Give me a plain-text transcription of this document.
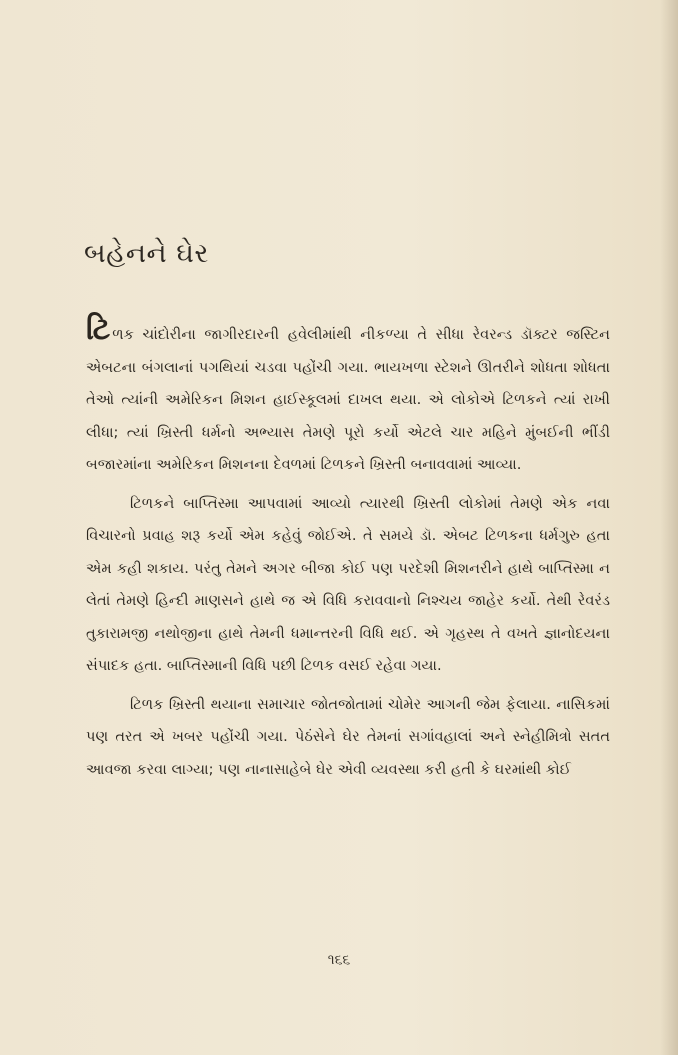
બહેનને ઘેર

ટિળક ચાંદોરીના જાગીરદારની હવેલીમાંથી નીકળ્યા તે સીધા રેવરન્ડ ડૉક્ટર જસ્ટિન એબટના બંગલાનાં પગથિયાં ચડવા પહોંચી ગયા. ભાયખળા સ્ટેશને ઊતરીને શોધતા શોધતા તેઓ ત્યાંની અમેરિકન મિશન હાઈસ્કૂલમાં દાખલ થયા. એ લોકોએ ટિળકને ત્યાં રાખી લીધા; ત્યાં ખ્રિસ્તી ધર્મનો અભ્યાસ તેમણે પૂરો કર્યો એટલે ચાર મહિને મુંબઈની ભીંડી બજારમાંના અમેરિકન મિશનના દેવળમાં ટિળકને ખ્રિસ્તી બનાવવામાં આવ્યા.

ટિળકને બાપ્તિસ્મા આપવામાં આવ્યો ત્યારથી ખ્રિસ્તી લોકોમાં તેમણે એક નવા વિચારનો પ્રવાહ શરૂ કર્યો એમ કહેવું જોઈએ. તે સમયે ડૉ. એબટ ટિળકના ધર્મગુરુ હતા એમ કહી શકાય. પરંતુ તેમને અગર બીજા કોઈ પણ પરદેશી મિશનરીને હાથે બાપ્તિસ્મા ન લેતાં તેમણે હિન્દી માણસને હાથે જ એ વિધિ કરાવવાનો નિશ્ચય જાહેર કર્યો. તેથી રેવરંડ તુકારામજી નથોજીના હાથે તેમની ધમાન્તરની વિધિ થઈ. એ ગૃહસ્થ તે વખતે જ્ઞાનોદયના સંપાદક હતા. બાપ્તિસ્માની વિધિ પછી ટિળક વસઈ રહેવા ગયા.

ટિળક ખ્રિસ્તી થયાના સમાચાર જોતજોતામાં ચોમેર આગની જેમ ફેલાયા. નાસિકમાં પણ તરત એ ખબર પહોંચી ગયા. પેઠંસેને ઘેર તેમનાં સગાંવહાલાં અને સ્નેહીમિત્રો સતત આવજા કરવા લાગ્યા; પણ નાનાસાહેબે ઘેર એવી વ્યવસ્થા કરી હતી કે ઘરમાંથી કોઈ

૧૬૬
